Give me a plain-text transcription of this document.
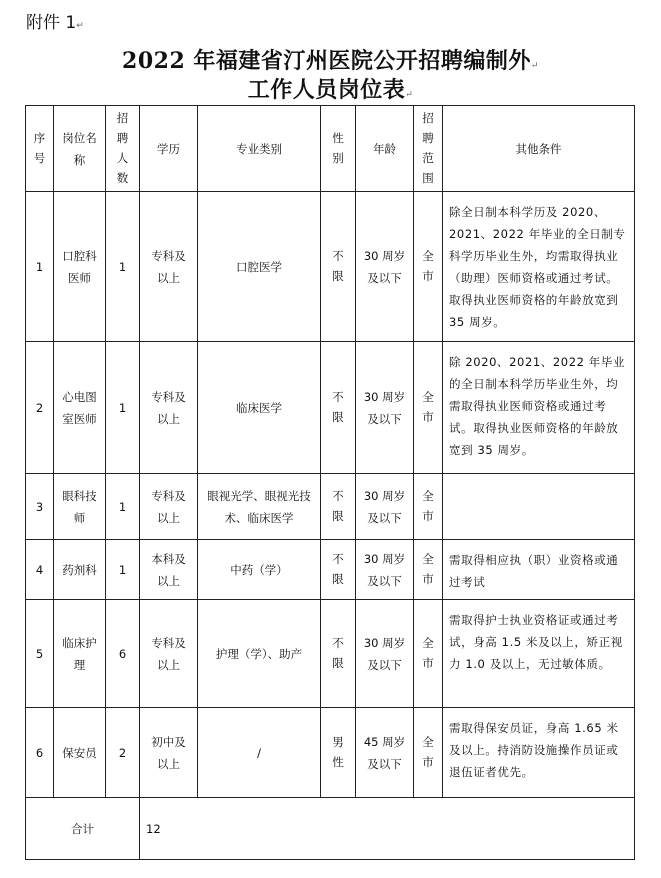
附件 1↵
2022 年福建省汀州医院公开招聘编制外↵
工作人员岗位表↵
序号	岗位名称	招聘人数	学历	专业类别	性别	年龄	招聘范围	其他条件
1	口腔科医师	1	专科及以上	口腔医学	不限	30 周岁及以下	全市	除全日制本科学历及 2020、2021、2022 年毕业的全日制专科学历毕业生外，均需取得执业（助理）医师资格或通过考试。取得执业医师资格的年龄放宽到 35 周岁。
2	心电图室医师	1	专科及以上	临床医学	不限	30 周岁及以下	全市	除 2020、2021、2022 年毕业的全日制本科学历毕业生外，均需取得执业医师资格或通过考试。取得执业医师资格的年龄放宽到 35 周岁。
3	眼科技师	1	专科及以上	眼视光学、眼视光技术、临床医学	不限	30 周岁及以下	全市	
4	药剂科	1	本科及以上	中药（学）	不限	30 周岁及以下	全市	需取得相应执（职）业资格或通过考试
5	临床护理	6	专科及以上	护理（学）、助产	不限	30 周岁及以下	全市	需取得护士执业资格证或通过考试，身高 1.5 米及以上，矫正视力 1.0 及以上，无过敏体质。
6	保安员	2	初中及以上	/	男性	45 周岁及以下	全市	需取得保安员证，身高 1.65 米及以上。持消防设施操作员证或退伍证者优先。
合计			12					
